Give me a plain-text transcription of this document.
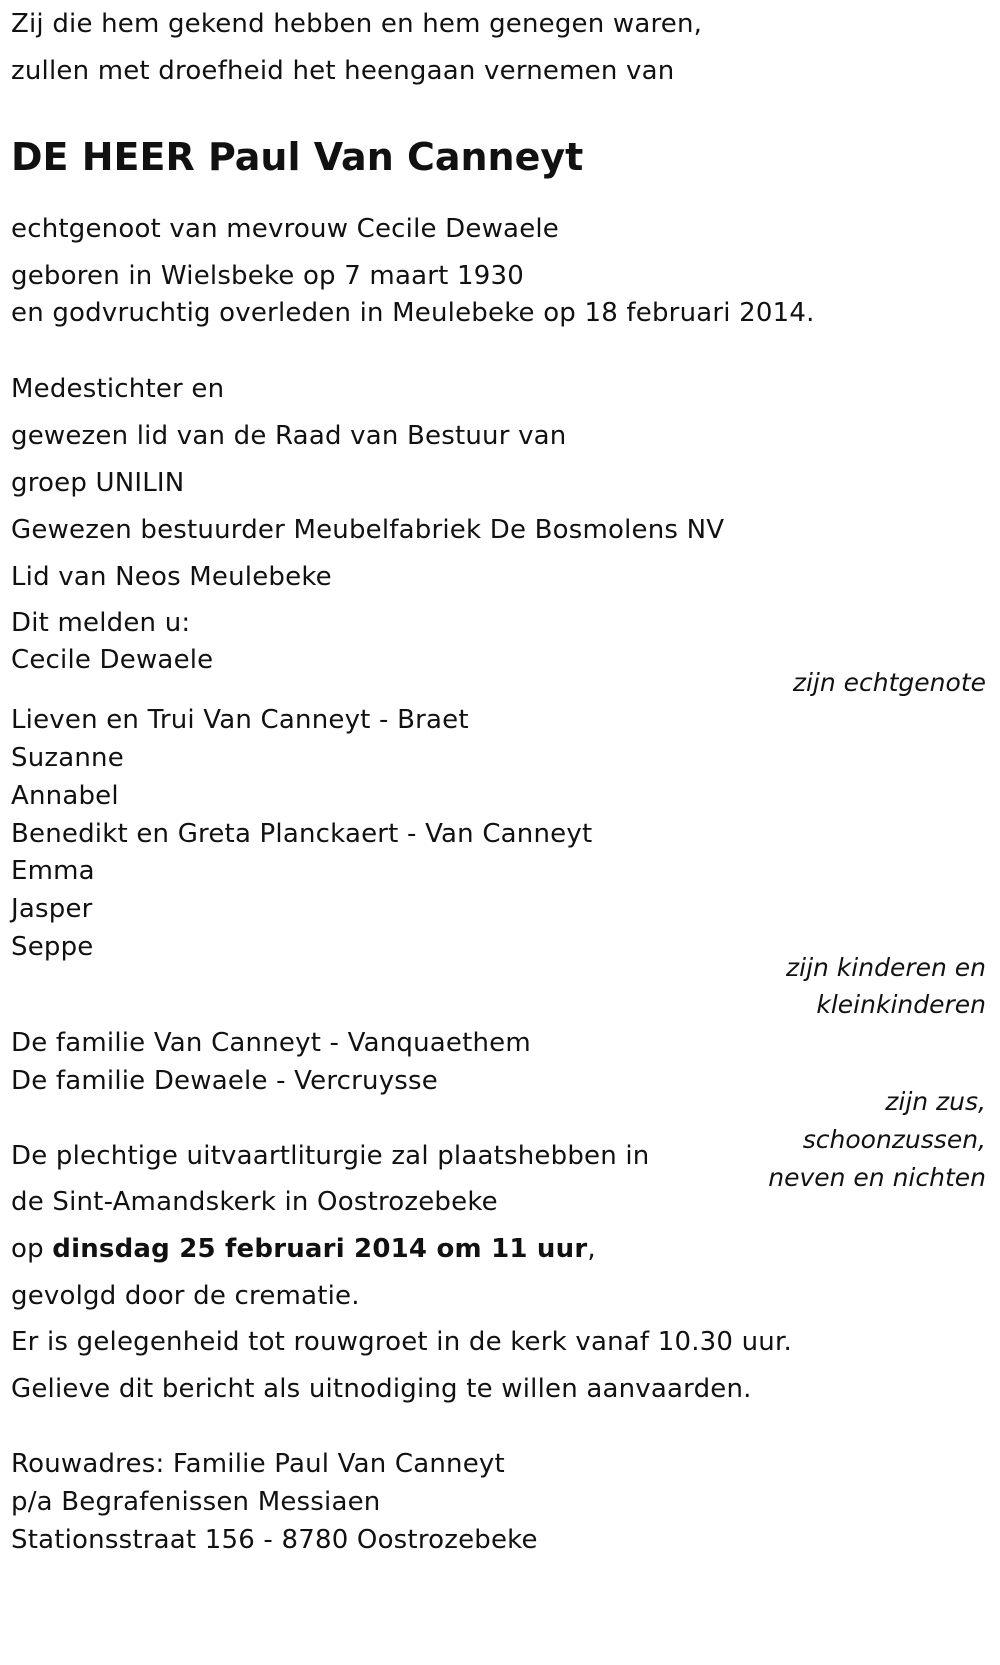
Zij die hem gekend hebben en hem genegen waren,
zullen met droefheid het heengaan vernemen van
DE HEER Paul Van Canneyt
echtgenoot van mevrouw Cecile Dewaele
geboren in Wielsbeke op 7 maart 1930
en godvruchtig overleden in Meulebeke op 18 februari 2014.
Medestichter en
gewezen lid van de Raad van Bestuur van
groep UNILIN
Gewezen bestuurder Meubelfabriek De Bosmolens NV
Lid van Neos Meulebeke
Dit melden u:
Cecile Dewaele
zijn echtgenote
Lieven en Trui Van Canneyt - Braet
Suzanne
Annabel
Benedikt en Greta Planckaert - Van Canneyt
Emma
Jasper
Seppe
zijn kinderen en
kleinkinderen
De familie Van Canneyt - Vanquaethem
De familie Dewaele - Vercruysse
zijn zus,
schoonzussen,
neven en nichten
De plechtige uitvaartliturgie zal plaatshebben in
de Sint-Amandskerk in Oostrozebeke
op dinsdag 25 februari 2014 om 11 uur,
gevolgd door de crematie.
Er is gelegenheid tot rouwgroet in de kerk vanaf 10.30 uur.
Gelieve dit bericht als uitnodiging te willen aanvaarden.
Rouwadres: Familie Paul Van Canneyt
p/a Begrafenissen Messiaen
Stationsstraat 156 - 8780 Oostrozebeke
